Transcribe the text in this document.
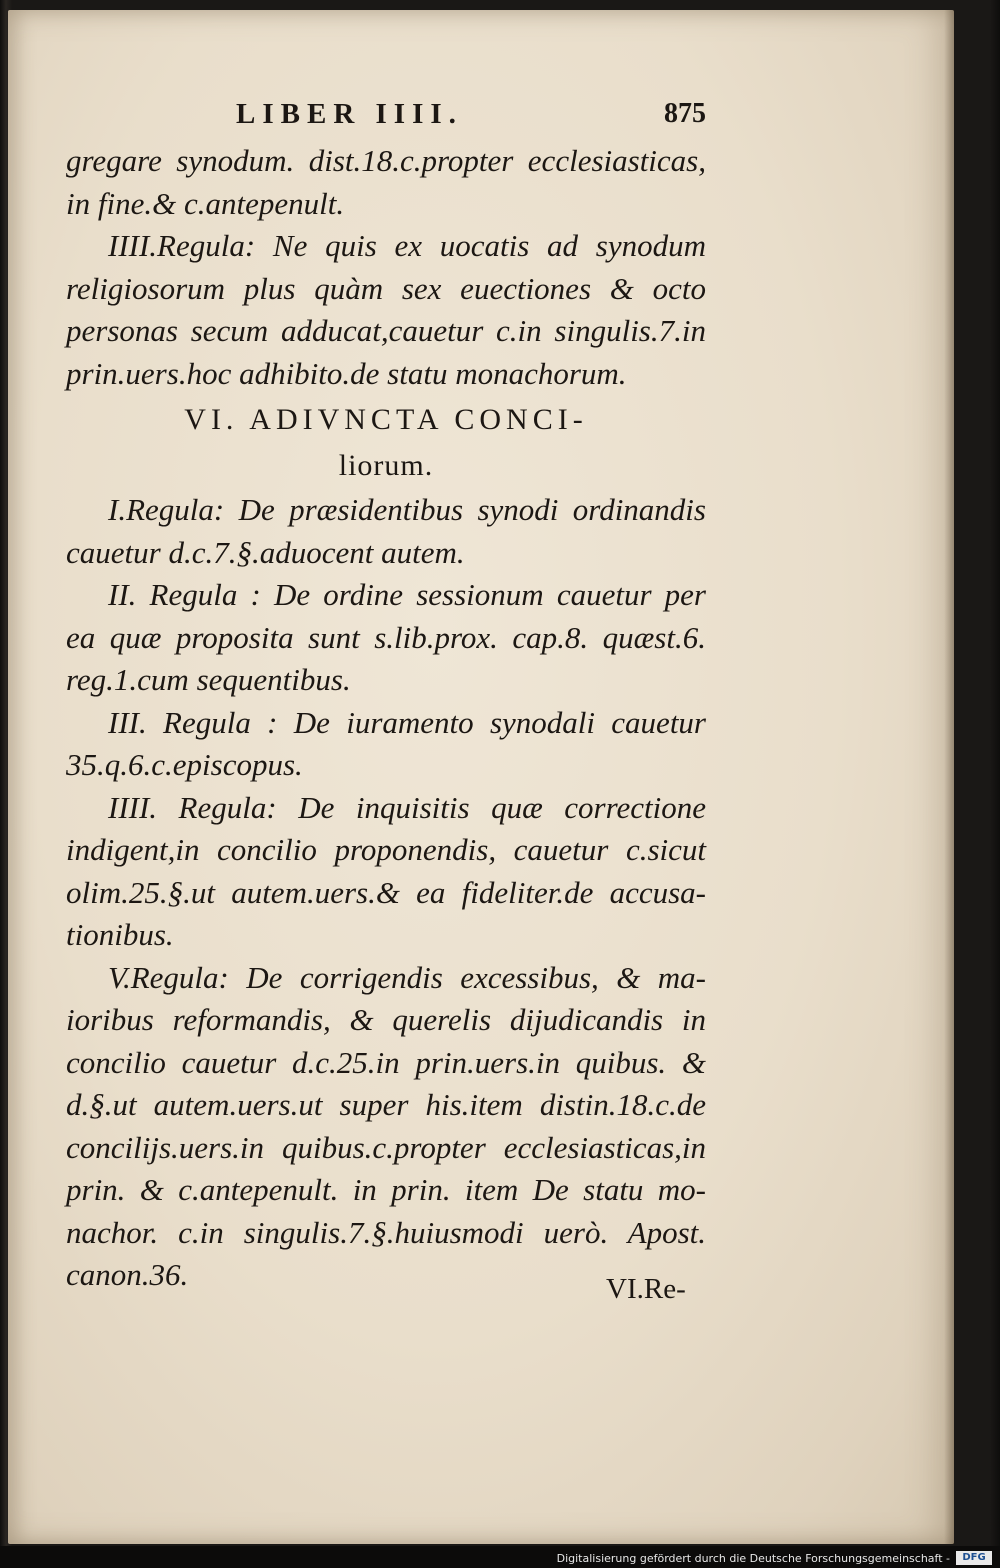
LIBER IIII.	875
gregare synodum. dist.18.c.propter ecclesiasticas,
in fine.& c.antepenult.
IIII.Regula: Ne quis ex uocatis ad synodum
religiosorum plus quàm sex euectiones & octo
personas secum adducat,cauetur c.in singulis.7.in
prin.uers.hoc adhibito.de statu monachorum.
VI. ADIVNCTA CONCI-
liorum.
I.Regula: De præsidentibus synodi ordinandis
cauetur d.c.7.§.aduocent autem.
II. Regula : De ordine sessionum cauetur per
ea quæ proposita sunt s.lib.prox. cap.8. quæst.6.
reg.1.cum sequentibus.
III. Regula : De iuramento synodali cauetur
35.q.6.c.episcopus.
IIII. Regula: De inquisitis quæ correctione
indigent,in concilio proponendis, cauetur c.sicut
olim.25.§.ut autem.uers.& ea fideliter.de accusa-
tionibus.
V.Regula: De corrigendis excessibus, & ma-
ioribus reformandis, & querelis dijudicandis in
concilio cauetur d.c.25.in prin.uers.in quibus. &
d.§.ut autem.uers.ut super his.item distin.18.c.de
concilijs.uers.in quibus.c.propter ecclesiasticas,in
prin. & c.antepenult. in prin. item De statu mo-
nachor. c.in singulis.7.§.huiusmodi uerò. Apost.
canon.36.	VI.Re-
Digitalisierung gefördert durch die Deutsche Forschungsgemeinschaft -	DFG
